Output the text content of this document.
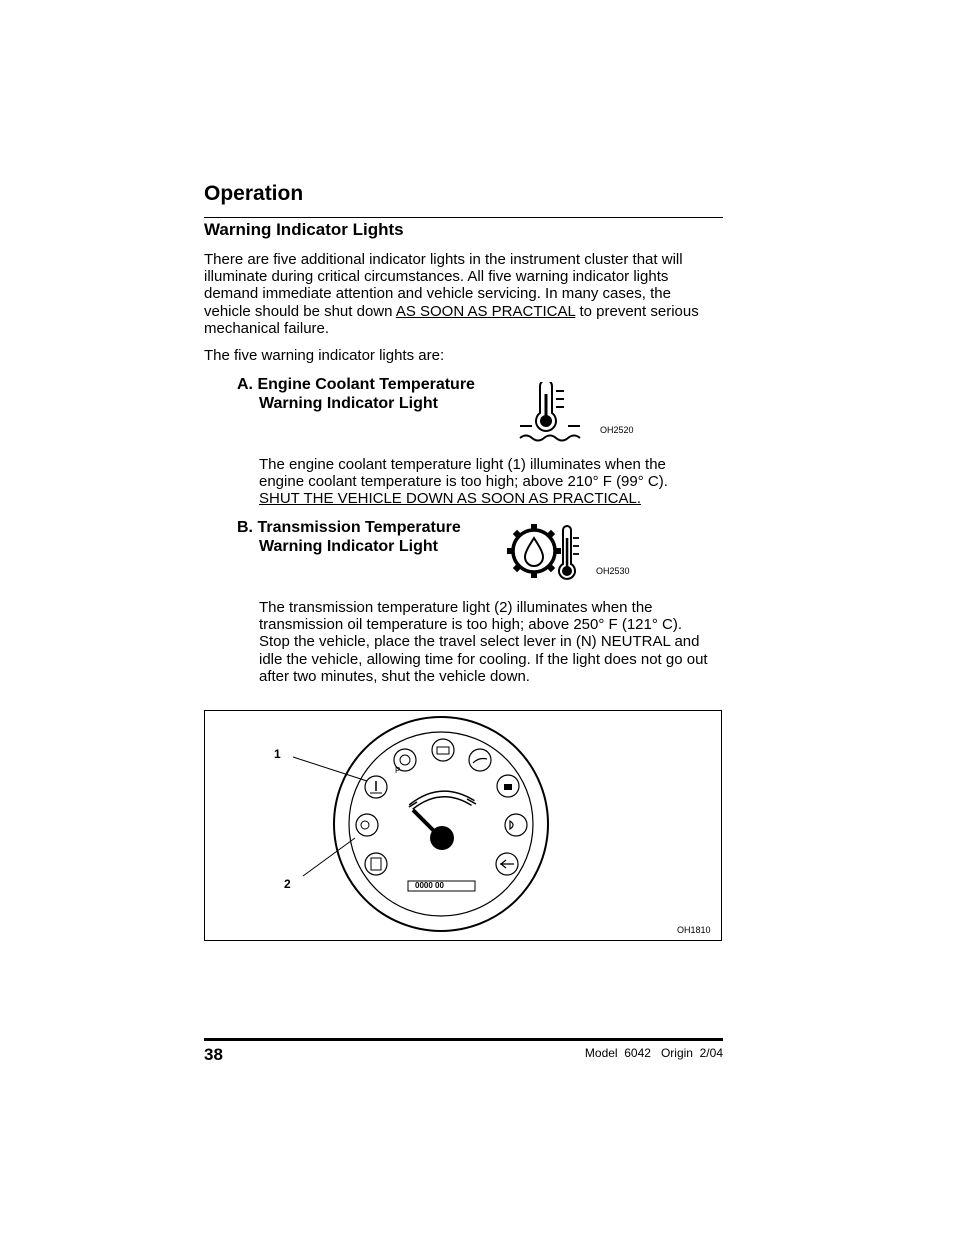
Operation
Warning Indicator Lights
There are five additional indicator lights in the instrument cluster that will
illuminate during critical circumstances. All five warning indicator lights
demand immediate attention and vehicle servicing. In many cases, the
vehicle should be shut down AS SOON AS PRACTICAL to prevent serious
mechanical failure.
The five warning indicator lights are:
A. Engine Coolant Temperature
Warning Indicator Light
OH2520
The engine coolant temperature light (1) illuminates when the
engine coolant temperature is too high; above 210° F (99° C).
SHUT THE VEHICLE DOWN AS SOON AS PRACTICAL.
B. Transmission Temperature
Warning Indicator Light
OH2530
The transmission temperature light (2) illuminates when the
transmission oil temperature is too high; above 250° F (121° C).
Stop the vehicle, place the travel select lever in (N) NEUTRAL and
idle the vehicle, allowing time for cooling. If the light does not go out
after two minutes, shut the vehicle down.
P
0000 00
1
2
OH1810
38	Model  6042   Origin  2/04
